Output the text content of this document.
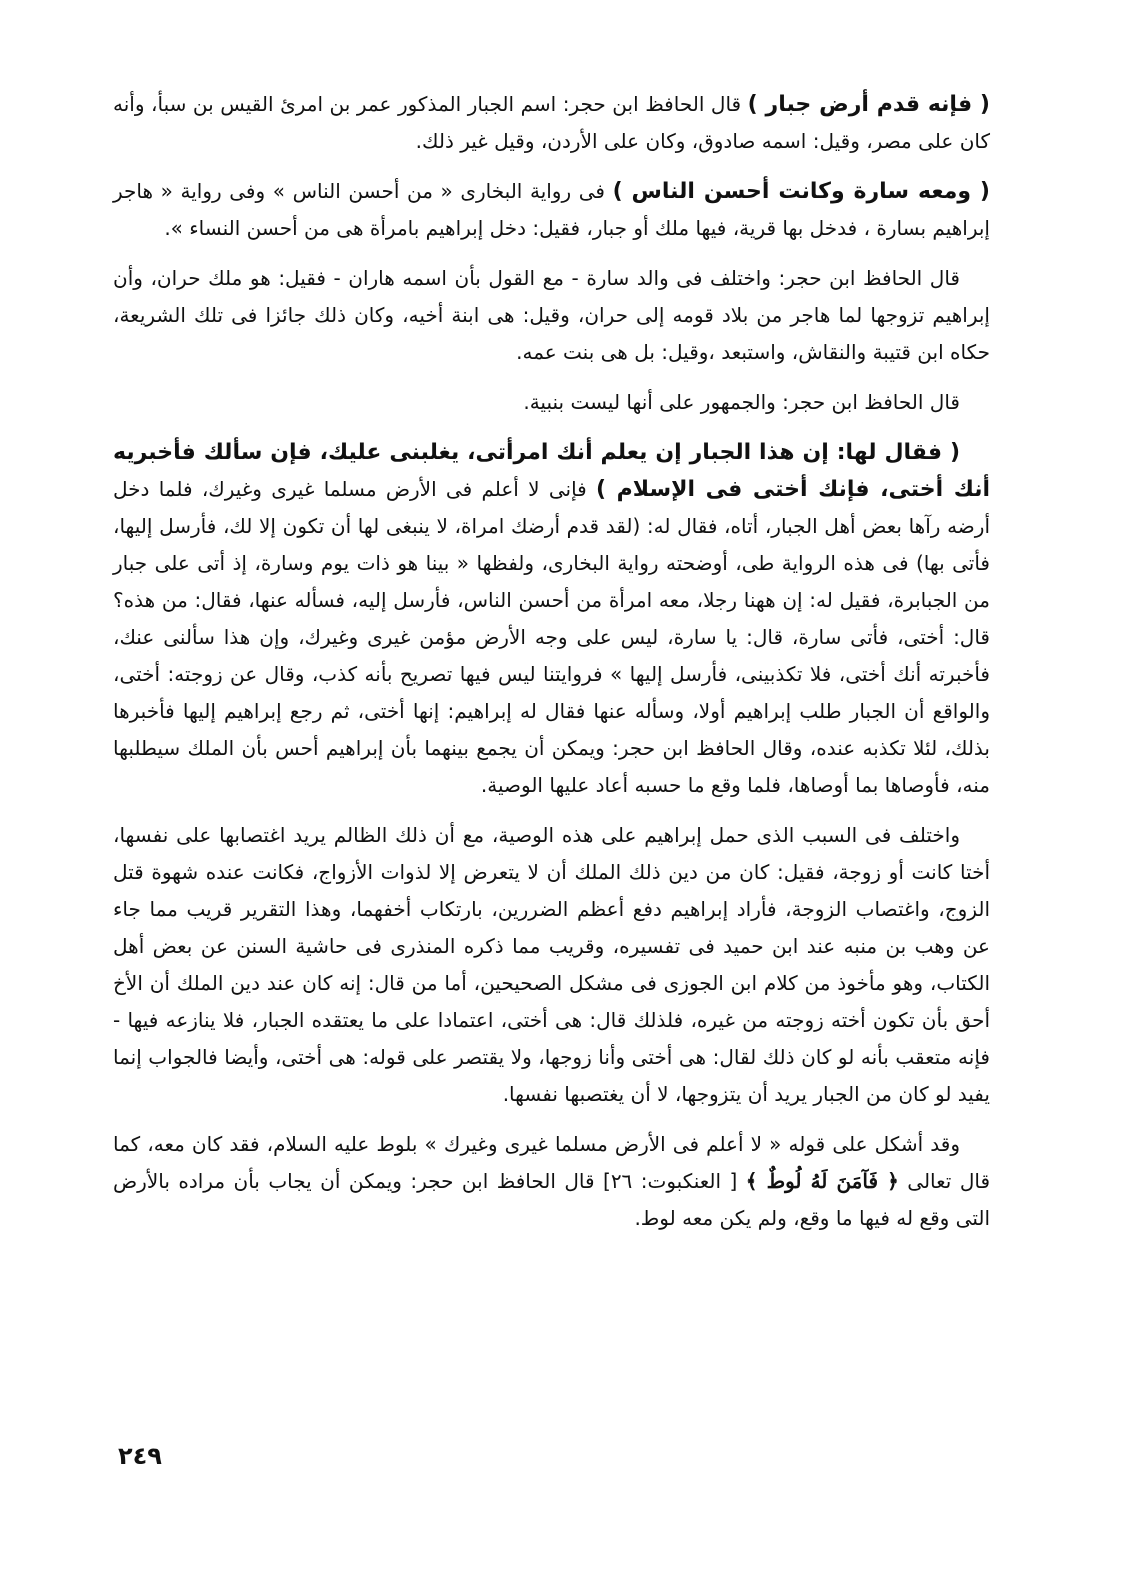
( فإنه قدم أرض جبار ) قال الحافظ ابن حجر: اسم الجبار المذكور عمر بن امرئ القيس بن سبأ، وأنه كان على مصر، وقيل: اسمه صادوق، وكان على الأردن، وقيل غير ذلك.

( ومعه سارة وكانت أحسن الناس ) فى رواية البخارى « من أحسن الناس » وفى رواية « هاجر إبراهيم بسارة ، فدخل بها قرية، فيها ملك أو جبار، فقيل: دخل إبراهيم بامرأة هى من أحسن النساء ».

قال الحافظ ابن حجر: واختلف فى والد سارة - مع القول بأن اسمه هاران - فقيل: هو ملك حران، وأن إبراهيم تزوجها لما هاجر من بلاد قومه إلى حران، وقيل: هى ابنة أخيه، وكان ذلك جائزا فى تلك الشريعة، حكاه ابن قتيبة والنقاش، واستبعد ،وقيل: بل هى بنت عمه.

قال الحافظ ابن حجر: والجمهور على أنها ليست بنبية.

( فقال لها: إن هذا الجبار إن يعلم أنك امرأتى، يغلبنى عليك، فإن سألك فأخبريه أنك أختى، فإنك أختى فى الإسلام ) فإنى لا أعلم فى الأرض مسلما غيرى وغيرك، فلما دخل أرضه رآها بعض أهل الجبار، أتاه، فقال له: (لقد قدم أرضك امراة، لا ينبغى لها أن تكون إلا لك، فأرسل إليها، فأتى بها) فى هذه الرواية طى، أوضحته رواية البخارى، ولفظها « بينا هو ذات يوم وسارة، إذ أتى على جبار من الجبابرة، فقيل له: إن ههنا رجلا، معه امرأة من أحسن الناس، فأرسل إليه، فسأله عنها، فقال: من هذه؟ قال: أختى، فأتى سارة، قال: يا سارة، ليس على وجه الأرض مؤمن غيرى وغيرك، وإن هذا سألنى عنك، فأخبرته أنك أختى، فلا تكذبينى، فأرسل إليها » فروايتنا ليس فيها تصريح بأنه كذب، وقال عن زوجته: أختى، والواقع أن الجبار طلب إبراهيم أولا، وسأله عنها فقال له إبراهيم: إنها أختى، ثم رجع إبراهيم إليها فأخبرها بذلك، لئلا تكذبه عنده، وقال الحافظ ابن حجر: ويمكن أن يجمع بينهما بأن إبراهيم أحس بأن الملك سيطلبها منه، فأوصاها بما أوصاها، فلما وقع ما حسبه أعاد عليها الوصية.

واختلف فى السبب الذى حمل إبراهيم على هذه الوصية، مع أن ذلك الظالم يريد اغتصابها على نفسها، أختا كانت أو زوجة، فقيل: كان من دين ذلك الملك أن لا يتعرض إلا لذوات الأزواج، فكانت عنده شهوة قتل الزوج، واغتصاب الزوجة، فأراد إبراهيم دفع أعظم الضررين، بارتكاب أخفهما، وهذا التقرير قريب مما جاء عن وهب بن منبه عند ابن حميد فى تفسيره، وقريب مما ذكره المنذرى فى حاشية السنن عن بعض أهل الكتاب، وهو مأخوذ من كلام ابن الجوزى فى مشكل الصحيحين، أما من قال: إنه كان عند دين الملك أن الأخ أحق بأن تكون أخته زوجته من غيره، فلذلك قال: هى أختى، اعتمادا على ما يعتقده الجبار، فلا ينازعه فيها - فإنه متعقب بأنه لو كان ذلك لقال: هى أختى وأنا زوجها، ولا يقتصر على قوله: هى أختى، وأيضا فالجواب إنما يفيد لو كان من الجبار يريد أن يتزوجها، لا أن يغتصبها نفسها.

وقد أشكل على قوله « لا أعلم فى الأرض مسلما غيرى وغيرك » بلوط عليه السلام، فقد كان معه، كما قال تعالى ﴿ فَآمَنَ لَهُ لُوطٌ ﴾ [ العنكبوت: ٢٦] قال الحافظ ابن حجر: ويمكن أن يجاب بأن مراده بالأرض التى وقع له فيها ما وقع، ولم يكن معه لوط.

٢٤٩
